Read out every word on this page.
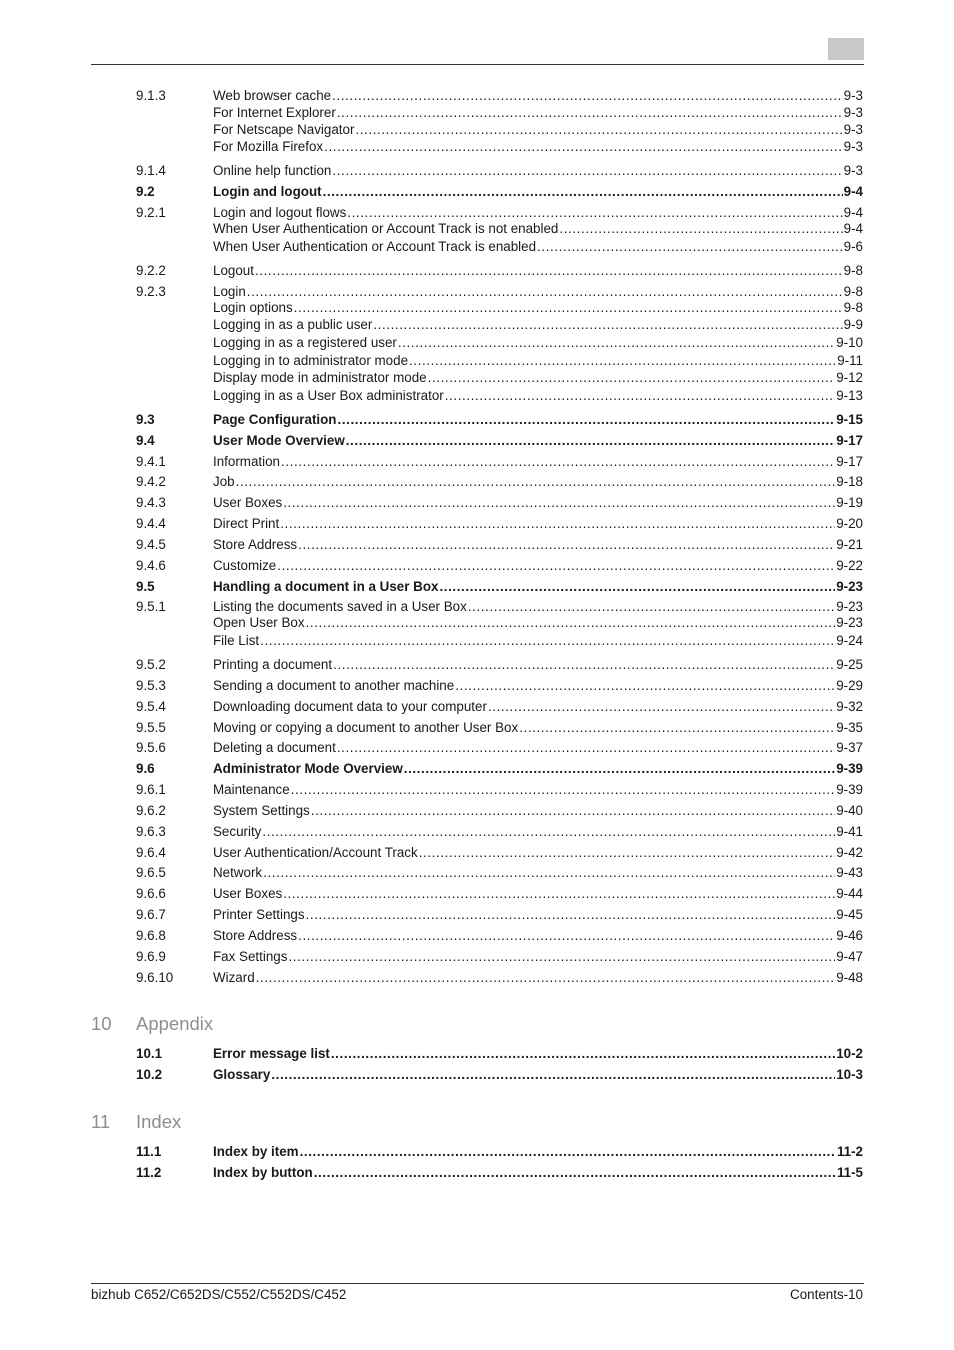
9.1.3	Web browser cache .....	9-3
For Internet Explorer .....	9-3
For Netscape Navigator .....	9-3
For Mozilla Firefox .....	9-3
9.1.4	Online help function .....	9-3
9.2	Login and logout .....	9-4
9.2.1	Login and logout flows .....	9-4
When User Authentication or Account Track is not enabled .....	9-4
When User Authentication or Account Track is enabled .....	9-6
9.2.2	Logout .....	9-8
9.2.3	Login .....	9-8
Login options .....	9-8
Logging in as a public user .....	9-9
Logging in as a registered user .....	9-10
Logging in to administrator mode .....	9-11
Display mode in administrator mode .....	9-12
Logging in as a User Box administrator .....	9-13
9.3	Page Configuration .....	9-15
9.4	User Mode Overview .....	9-17
9.4.1	Information .....	9-17
9.4.2	Job .....	9-18
9.4.3	User Boxes .....	9-19
9.4.4	Direct Print .....	9-20
9.4.5	Store Address .....	9-21
9.4.6	Customize .....	9-22
9.5	Handling a document in a User Box .....	9-23
9.5.1	Listing the documents saved in a User Box .....	9-23
Open User Box .....	9-23
File List .....	9-24
9.5.2	Printing a document .....	9-25
9.5.3	Sending a document to another machine .....	9-29
9.5.4	Downloading document data to your computer .....	9-32
9.5.5	Moving or copying a document to another User Box .....	9-35
9.5.6	Deleting a document .....	9-37
9.6	Administrator Mode Overview .....	9-39
9.6.1	Maintenance .....	9-39
9.6.2	System Settings .....	9-40
9.6.3	Security .....	9-41
9.6.4	User Authentication/Account Track .....	9-42
9.6.5	Network .....	9-43
9.6.6	User Boxes .....	9-44
9.6.7	Printer Settings .....	9-45
9.6.8	Store Address .....	9-46
9.6.9	Fax Settings .....	9-47
9.6.10	Wizard .....	9-48
10 Appendix
10.1	Error message list .....	10-2
10.2	Glossary .....	10-3
11 Index
11.1	Index by item .....	11-2
11.2	Index by button .....	11-5
bizhub C652/C652DS/C552/C552DS/C452	Contents-10
